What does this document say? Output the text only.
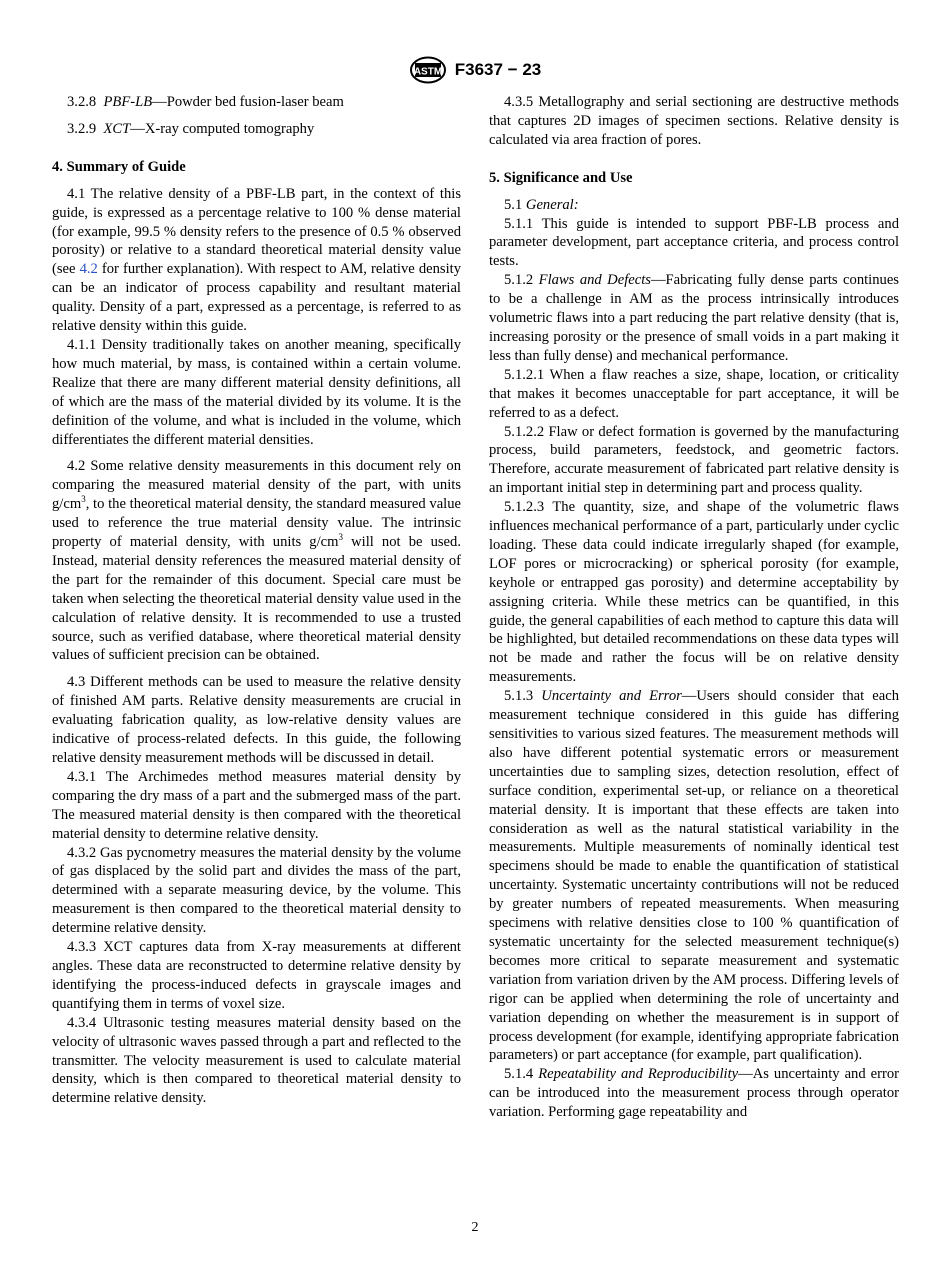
ASTM F3637 − 23

3.2.8 PBF-LB—Powder bed fusion-laser beam

3.2.9 XCT—X-ray computed tomography

4. Summary of Guide

4.1 The relative density of a PBF-LB part, in the context of this guide, is expressed as a percentage relative to 100 % dense material (for example, 99.5 % density refers to the presence of 0.5 % observed porosity) or relative to a standard theoretical material density value (see 4.2 for further explanation). With respect to AM, relative density can be an indicator of process capability and resultant material quality. Density of a part, expressed as a percentage, is referred to as relative density within this guide.

4.1.1 Density traditionally takes on another meaning, specifically how much material, by mass, is contained within a certain volume. Realize that there are many different material density definitions, all of which are the mass of the material divided by its volume. It is the definition of the volume, and what is included in the volume, which differentiates the different material densities.

4.2 Some relative density measurements in this document rely on comparing the measured material density of the part, with units $g/cm^3$, to the theoretical material density, the standard measured value used to reference the true material density value. The intrinsic property of material density, with units $g/cm^3$ will not be used. Instead, material density references the measured material density of the part for the remainder of this document. Special care must be taken when selecting the theoretical material density value used in the calculation of relative density. It is recommended to use a trusted source, such as verified database, where theoretical material density values of sufficient precision can be obtained.

4.3 Different methods can be used to measure the relative density of finished AM parts. Relative density measurements are crucial in evaluating fabrication quality, as low-relative density values are indicative of process-related defects. In this guide, the following relative density measurement methods will be discussed in detail.

4.3.1 The Archimedes method measures material density by comparing the dry mass of a part and the submerged mass of the part. The measured material density is then compared with the theoretical material density to determine relative density.

4.3.2 Gas pycnometry measures the material density by the volume of gas displaced by the solid part and divides the mass of the part, determined with a separate measuring device, by the volume. This measurement is then compared to the theoretical material density to determine relative density.

4.3.3 XCT captures data from X-ray measurements at different angles. These data are reconstructed to determine relative density by identifying the process-induced defects in grayscale images and quantifying them in terms of voxel size.

4.3.4 Ultrasonic testing measures material density based on the velocity of ultrasonic waves passed through a part and reflected to the transmitter. The velocity measurement is used to calculate material density, which is then compared to theoretical material density to determine relative density.

4.3.5 Metallography and serial sectioning are destructive methods that captures 2D images of specimen sections. Relative density is calculated via area fraction of pores.

5. Significance and Use

5.1 General:

5.1.1 This guide is intended to support PBF-LB process and parameter development, part acceptance criteria, and process control tests.

5.1.2 Flaws and Defects—Fabricating fully dense parts continues to be a challenge in AM as the process intrinsically introduces volumetric flaws into a part reducing the part relative density (that is, increasing porosity or the presence of small voids in a part making it less than fully dense) and mechanical performance.

5.1.2.1 When a flaw reaches a size, shape, location, or criticality that makes it becomes unacceptable for part acceptance, it will be referred to as a defect.

5.1.2.2 Flaw or defect formation is governed by the manufacturing process, build parameters, feedstock, and geometric factors. Therefore, accurate measurement of fabricated part relative density is an important initial step in determining part and process quality.

5.1.2.3 The quantity, size, and shape of the volumetric flaws influences mechanical performance of a part, particularly under cyclic loading. These data could indicate irregularly shaped (for example, LOF pores or microcracking) or spherical porosity (for example, keyhole or entrapped gas porosity) and determine acceptability by assigning criteria. While these metrics can be quantified, in this guide, the general capabilities of each method to capture this data will be highlighted, but detailed recommendations on these data types will not be made and rather the focus will be on relative density measurements.

5.1.3 Uncertainty and Error—Users should consider that each measurement technique considered in this guide has differing sensitivities to various sized features. The measurement methods will also have different potential systematic errors or measurement uncertainties due to sampling sizes, detection resolution, effect of surface condition, experimental set-up, or reliance on a theoretical material density. It is important that these effects are taken into consideration as well as the natural statistical variability in the measurements. Multiple measurements of nominally identical test specimens should be made to enable the quantification of statistical uncertainty. Systematic uncertainty contributions will not be reduced by greater numbers of repeated measurements. When measuring specimens with relative densities close to 100 % quantification of systematic uncertainty for the selected measurement technique(s) becomes more critical to separate measurement and systematic variation from variation driven by the AM process. Differing levels of rigor can be applied when determining the role of uncertainty and variation depending on whether the measurement is in support of process development (for example, identifying appropriate fabrication parameters) or part acceptance (for example, part qualification).

5.1.4 Repeatability and Reproducibility—As uncertainty and error can be introduced into the measurement process through operator variation. Performing gage repeatability and

2
